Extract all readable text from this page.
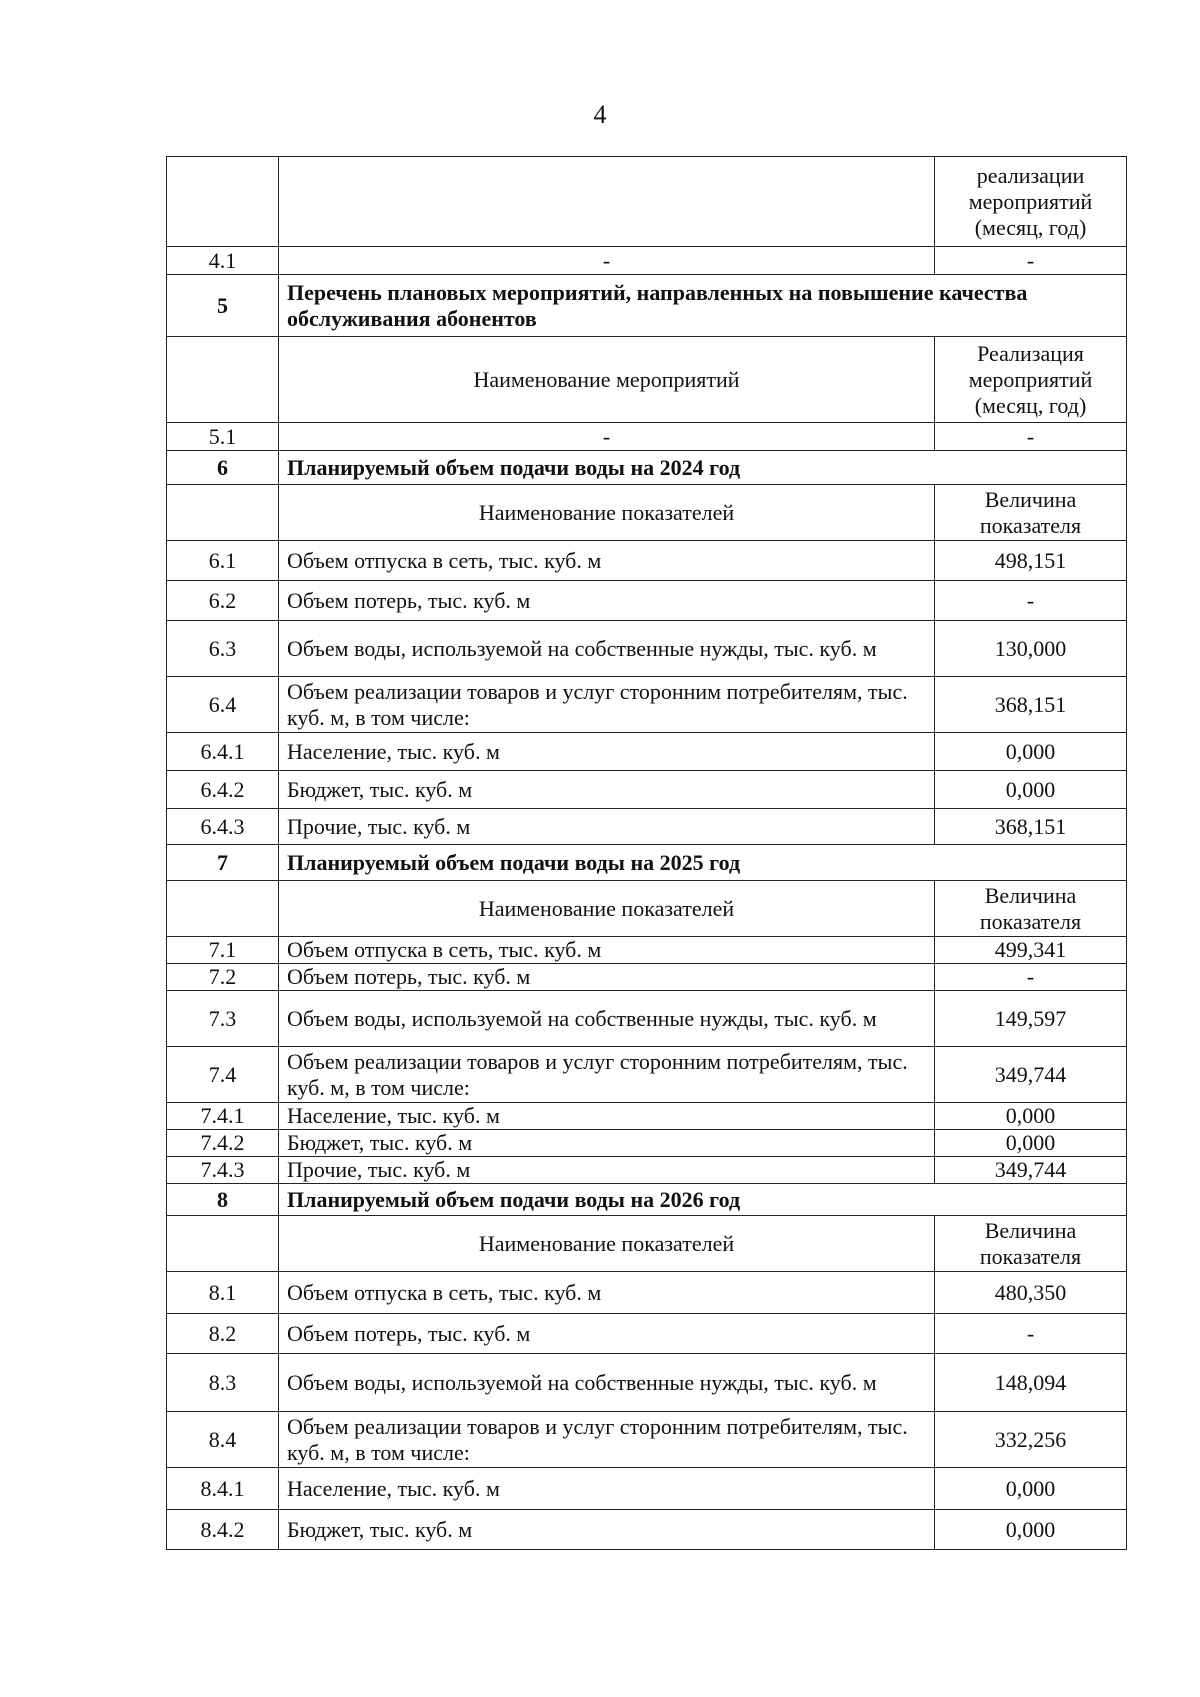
4
		реализации мероприятий (месяц, год)
4.1	-	-
5	Перечень плановых мероприятий, направленных на повышение качества обслуживания абонентов	
	Наименование мероприятий	Реализация мероприятий (месяц, год)
5.1	-	-
6	Планируемый объем подачи воды на 2024 год	
	Наименование показателей	Величина показателя
6.1	Объем отпуска в сеть, тыс. куб. м	498,151
6.2	Объем потерь, тыс. куб. м	-
6.3	Объем воды, используемой на собственные нужды, тыс. куб. м	130,000
6.4	Объем реализации товаров и услуг сторонним потребителям, тыс. куб. м, в том числе:	368,151
6.4.1	Население, тыс. куб. м	0,000
6.4.2	Бюджет, тыс. куб. м	0,000
6.4.3	Прочие, тыс. куб. м	368,151
7	Планируемый объем подачи воды на 2025 год	
	Наименование показателей	Величина показателя
7.1	Объем отпуска в сеть, тыс. куб. м	499,341
7.2	Объем потерь, тыс. куб. м	-
7.3	Объем воды, используемой на собственные нужды, тыс. куб. м	149,597
7.4	Объем реализации товаров и услуг сторонним потребителям, тыс. куб. м, в том числе:	349,744
7.4.1	Население, тыс. куб. м	0,000
7.4.2	Бюджет, тыс. куб. м	0,000
7.4.3	Прочие, тыс. куб. м	349,744
8	Планируемый объем подачи воды на 2026 год	
	Наименование показателей	Величина показателя
8.1	Объем отпуска в сеть, тыс. куб. м	480,350
8.2	Объем потерь, тыс. куб. м	-
8.3	Объем воды, используемой на собственные нужды, тыс. куб. м	148,094
8.4	Объем реализации товаров и услуг сторонним потребителям, тыс. куб. м, в том числе:	332,256
8.4.1	Население, тыс. куб. м	0,000
8.4.2	Бюджет, тыс. куб. м	0,000
